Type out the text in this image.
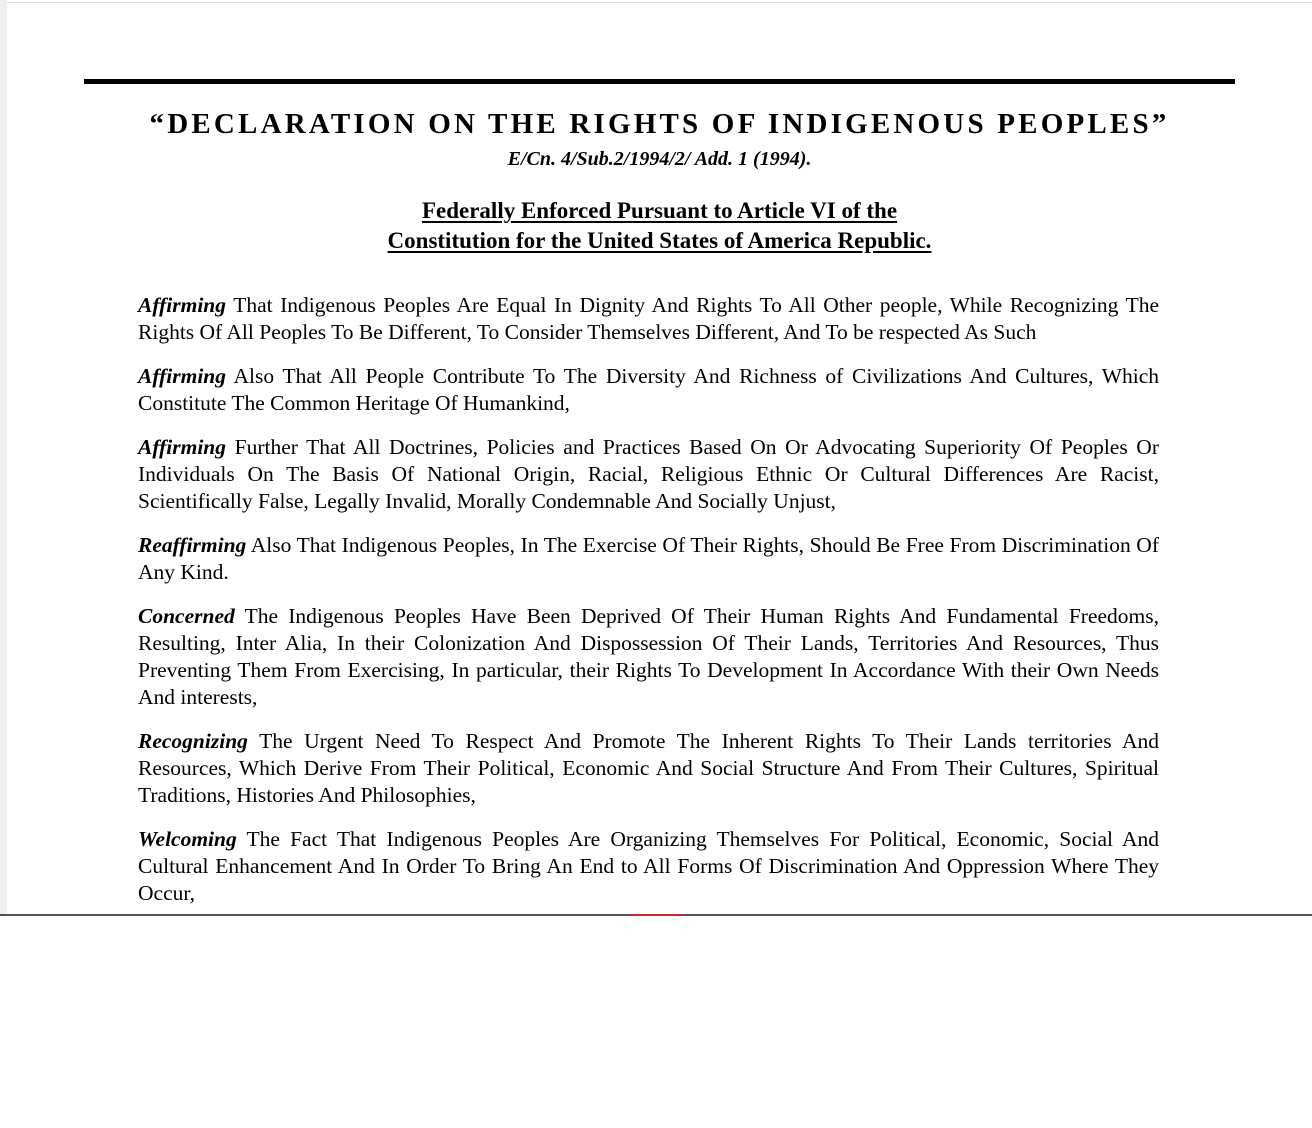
“DECLARATION ON THE RIGHTS OF INDIGENOUS PEOPLES”
E/Cn. 4/Sub.2/1994/2/ Add. 1 (1994).
Federally Enforced Pursuant to Article VI of the
Constitution for the United States of America Republic.

Affirming That Indigenous Peoples Are Equal In Dignity And Rights To All Other people, While Recognizing The Rights Of All Peoples To Be Different, To Consider Themselves Different, And To be respected As Such

Affirming Also That All People Contribute To The Diversity And Richness of Civilizations And Cultures, Which Constitute The Common Heritage Of Humankind,

Affirming Further That All Doctrines, Policies and Practices Based On Or Advocating Superiority Of Peoples Or Individuals On The Basis Of National Origin, Racial, Religious Ethnic Or Cultural Differences Are Racist, Scientifically False, Legally Invalid, Morally Condemnable And Socially Unjust,

Reaffirming Also That Indigenous Peoples, In The Exercise Of Their Rights, Should Be Free From Discrimination Of Any Kind.

Concerned The Indigenous Peoples Have Been Deprived Of Their Human Rights And Fundamental Freedoms, Resulting, Inter Alia, In their Colonization And Dispossession Of Their Lands, Territories And Resources, Thus Preventing Them From Exercising, In particular, their Rights To Development In Accordance With their Own Needs And interests,

Recognizing The Urgent Need To Respect And Promote The Inherent Rights To Their Lands territories And Resources, Which Derive From Their Political, Economic And Social Structure And From Their Cultures, Spiritual Traditions, Histories And Philosophies,

Welcoming The Fact That Indigenous Peoples Are Organizing Themselves For Political, Economic, Social And Cultural Enhancement And In Order To Bring An End to All Forms Of Discrimination And Oppression Where They Occur,
